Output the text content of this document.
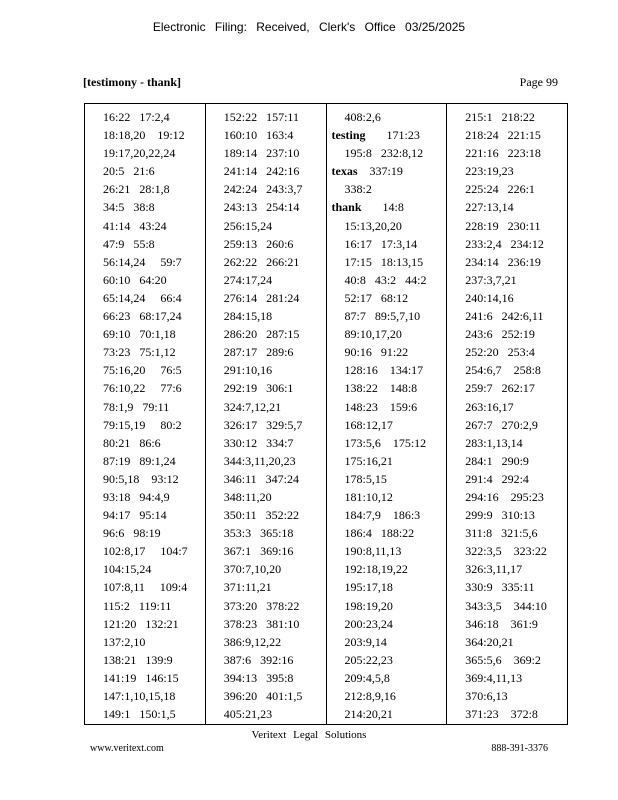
Electronic Filing: Received, Clerk's Office 03/25/2025
[testimony - thank]	Page 99
16:22   17:2,4
18:18,20    19:12
19:17,20,22,24
20:5   21:6
26:21   28:1,8
34:5   38:8
41:14   43:24
47:9   55:8
56:14,24     59:7
60:10   64:20
65:14,24     66:4
66:23   68:17,24
69:10   70:1,18
73:23   75:1,12
75:16,20     76:5
76:10,22     77:6
78:1,9   79:11
79:15,19     80:2
80:21   86:6
87:19   89:1,24
90:5,18    93:12
93:18   94:4,9
94:17   95:14
96:6   98:19
102:8,17     104:7
104:15,24
107:8,11     109:4
115:2   119:11
121:20   132:21
137:2,10
138:21   139:9
141:19   146:15
147:1,10,15,18
149:1   150:1,5
152:22   157:11
160:10   163:4
189:14   237:10
241:14   242:16
242:24   243:3,7
243:13   254:14
256:15,24
259:13   260:6
262:22   266:21
274:17,24
276:14   281:24
284:15,18
286:20   287:15
287:17   289:6
291:10,16
292:19   306:1
324:7,12,21
326:17   329:5,7
330:12   334:7
344:3,11,20,23
346:11   347:24
348:11,20
350:11   352:22
353:3   365:18
367:1   369:16
370:7,10,20
371:11,21
373:20   378:22
378:23   381:10
386:9,12,22
387:6   392:16
394:13   395:8
396:20   401:1,5
405:21,23
408:2,6
testing       171:23
195:8   232:8,12
texas    337:19
338:2
thank       14:8
15:13,20,20
16:17   17:3,14
17:15   18:13,15
40:8   43:2   44:2
52:17   68:12
87:7   89:5,7,10
89:10,17,20
90:16   91:22
128:16    134:17
138:22    148:8
148:23    159:6
168:12,17
173:5,6    175:12
175:16,21
178:5,15
181:10,12
184:7,9    186:3
186:4   188:22
190:8,11,13
192:18,19,22
195:17,18
198:19,20
200:23,24
203:9,14
205:22,23
209:4,5,8
212:8,9,16
214:20,21
215:1   218:22
218:24   221:15
221:16   223:18
223:19,23
225:24   226:1
227:13,14
228:19   230:11
233:2,4   234:12
234:14   236:19
237:3,7,21
240:14,16
241:6   242:6,11
243:6   252:19
252:20   253:4
254:6,7    258:8
259:7   262:17
263:16,17
267:7   270:2,9
283:1,13,14
284:1   290:9
291:4   292:4
294:16    295:23
299:9   310:13
311:8   321:5,6
322:3,5    323:22
326:3,11,17
330:9   335:11
343:3,5    344:10
346:18    361:9
364:20,21
365:5,6    369:2
369:4,11,13
370:6,13
371:23    372:8
Veritext Legal Solutions
www.veritext.com	888-391-3376
